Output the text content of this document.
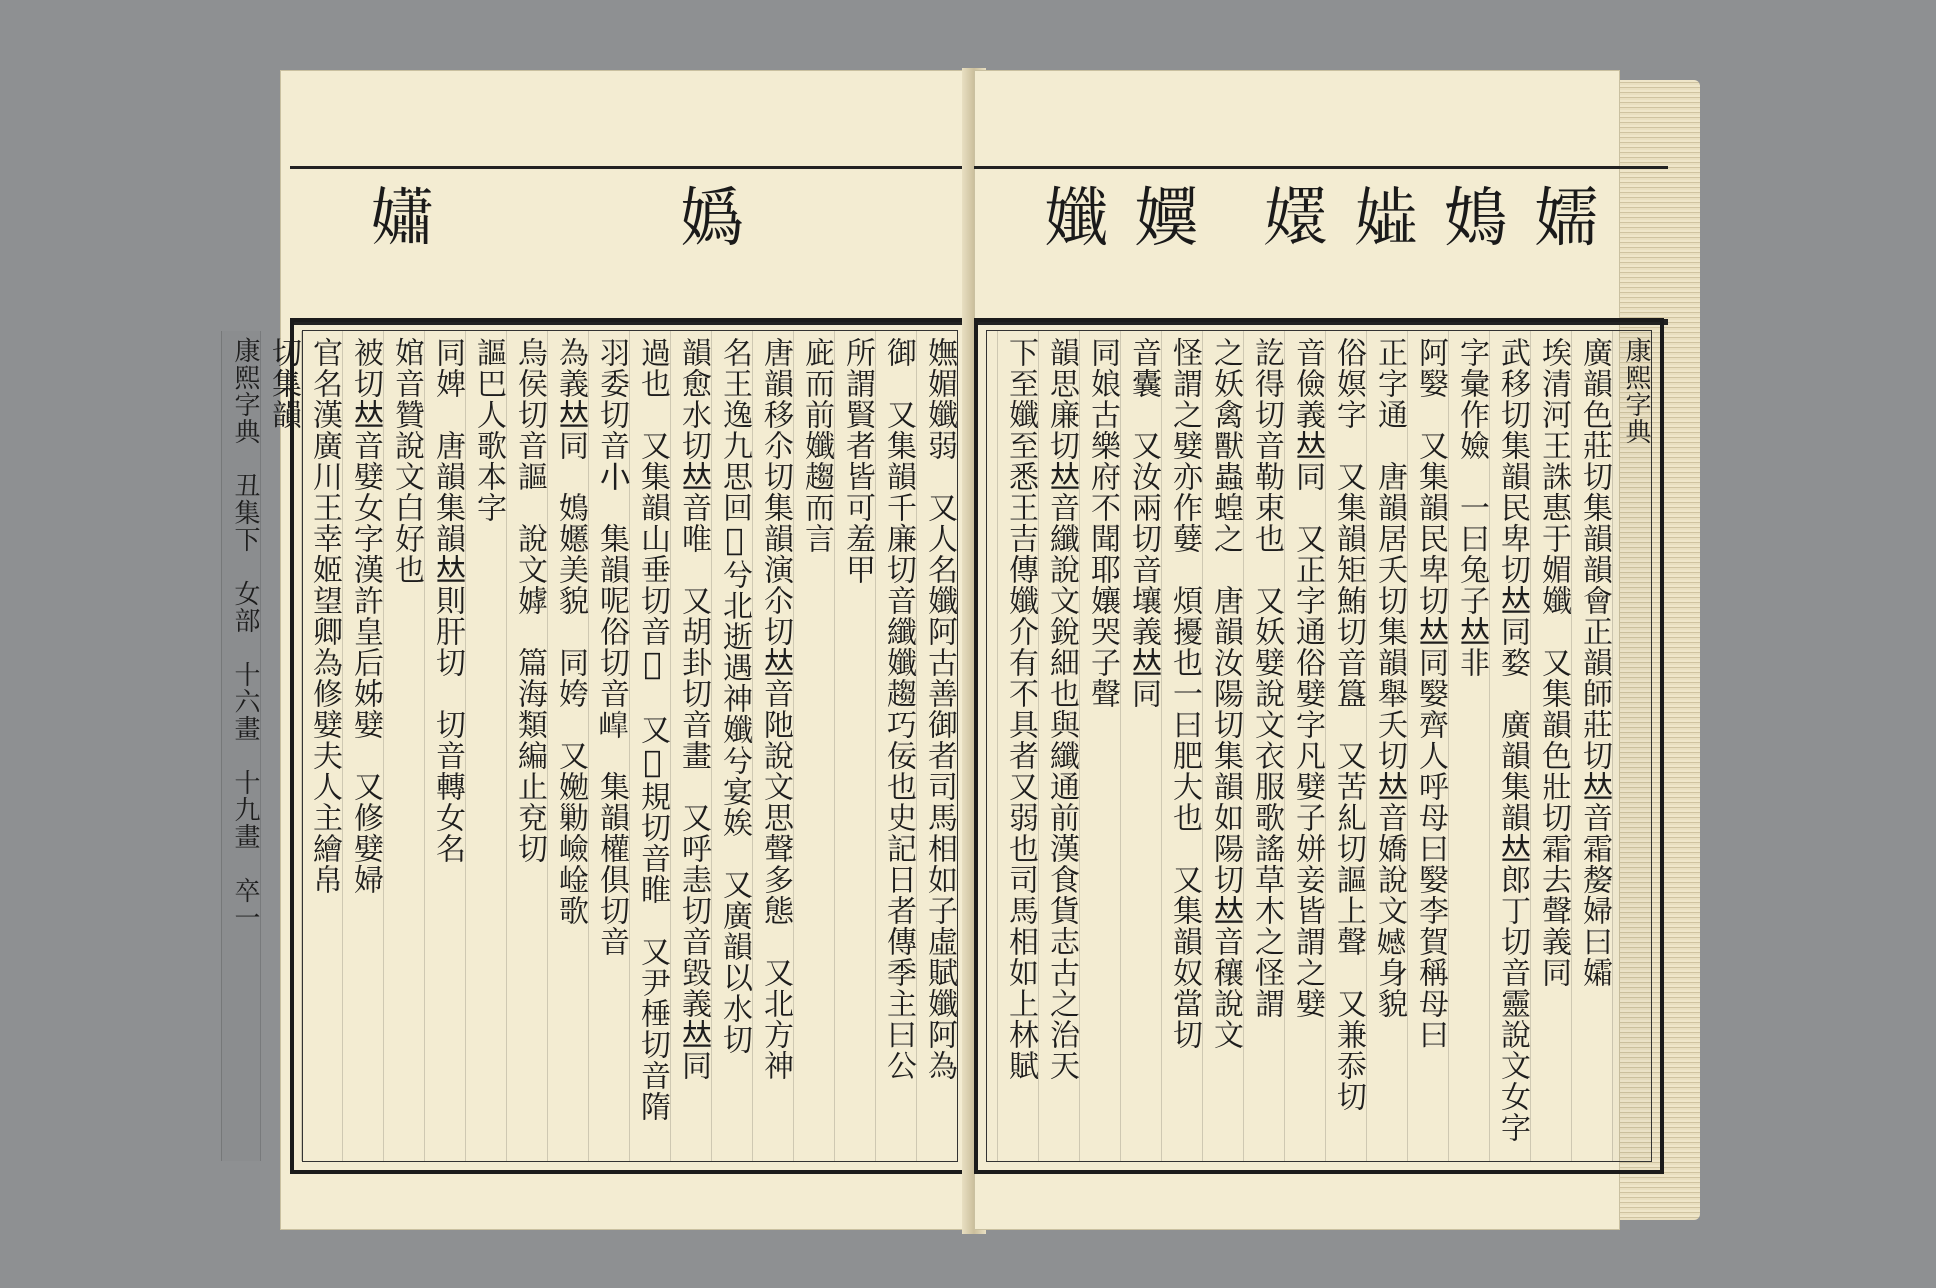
𡣾	嬀
嫵媚孅弱　又人名孅阿古善御者司馬相如子虛賦孅阿為
御　又集韻千廉切音纖孅趨巧佞也史記日者傳季主曰公
所謂賢者皆可羞甲
庛而前孅趨而言
唐韻移尒切集韻演尒切𠀤音阤說文思聲多態　又北方神
名王逸九思回𡙠兮北逝遇神孅兮宴娭　又廣韻以水切
韻愈水切𠀤音唯　又胡卦切音畫　又呼恚切音毀義𠀤同
過也　又集韻山垂切音𡽹　又𪐍規切音睢　又尹棰切音隋
羽委切音𡭔　集韻呢俗切音𡼗　集韻權俱切音
為義𠀤同　𡡅嬺美貌　同姱　又㛯勦嶮崯歌
烏侯切音謳　說文嫭　篇海類編止兗切
謳巴人歌本字
同婢　唐韻集韻𠀤則肝切　切音轉女名
婠音贊說文白好也
被切𠀤音嬖女字漢許皇后姊嬖　又修嬖婦
官名漢廣川王幸姬望卿為修嬖夫人主繪帛
切集韻
康熙字典　丑集下　女部　十六畫　十九畫　卒一
孅 嬽 𡣱 𡢋 𡡅 嬬
康熙字典
廣韻色莊切集韻韻會正韻師莊切𠀤音霜嫠婦曰孀
埃清河王誅惠于媚孅　又集韻色壯切霜去聲義同
武移切集韻民卑切𠀤同婺　廣韻集韻𠀤郎丁切音靈說文女字
字彙作嬐　一曰兔子𠀤非
阿嫛　又集韻民卑切𠀤同嫛齊人呼母曰嫛李賀稱母曰
正字通　唐韻居夭切集韻舉夭切𠀤音嬌說文𡢳身貌
俗嫇字　又集韻矩鮪切音簋　又苦糺切謳上聲　又兼忝切
音儉義𠀤同　又正字通俗嬖字凡嬖子姘妾皆謂之嬖
訖得切音勒束也　又妖嬖說文衣服歌謠草木之怪謂
之妖禽獸蟲蝗之　唐韻汝陽切集韻如陽切𠀤音穰說文
怪謂之嬖亦作㜸　煩擾也一曰肥大也　又集韻奴當切
音囊　又汝兩切音壤義𠀤同
同娘古樂府不聞耶孃哭子聲
韻思廉切𠀤音纖說文銳細也與纖通前漢食貨志古之治天
下至孅至悉王吉傳孅介有不具者又弱也司馬相如上林賦
